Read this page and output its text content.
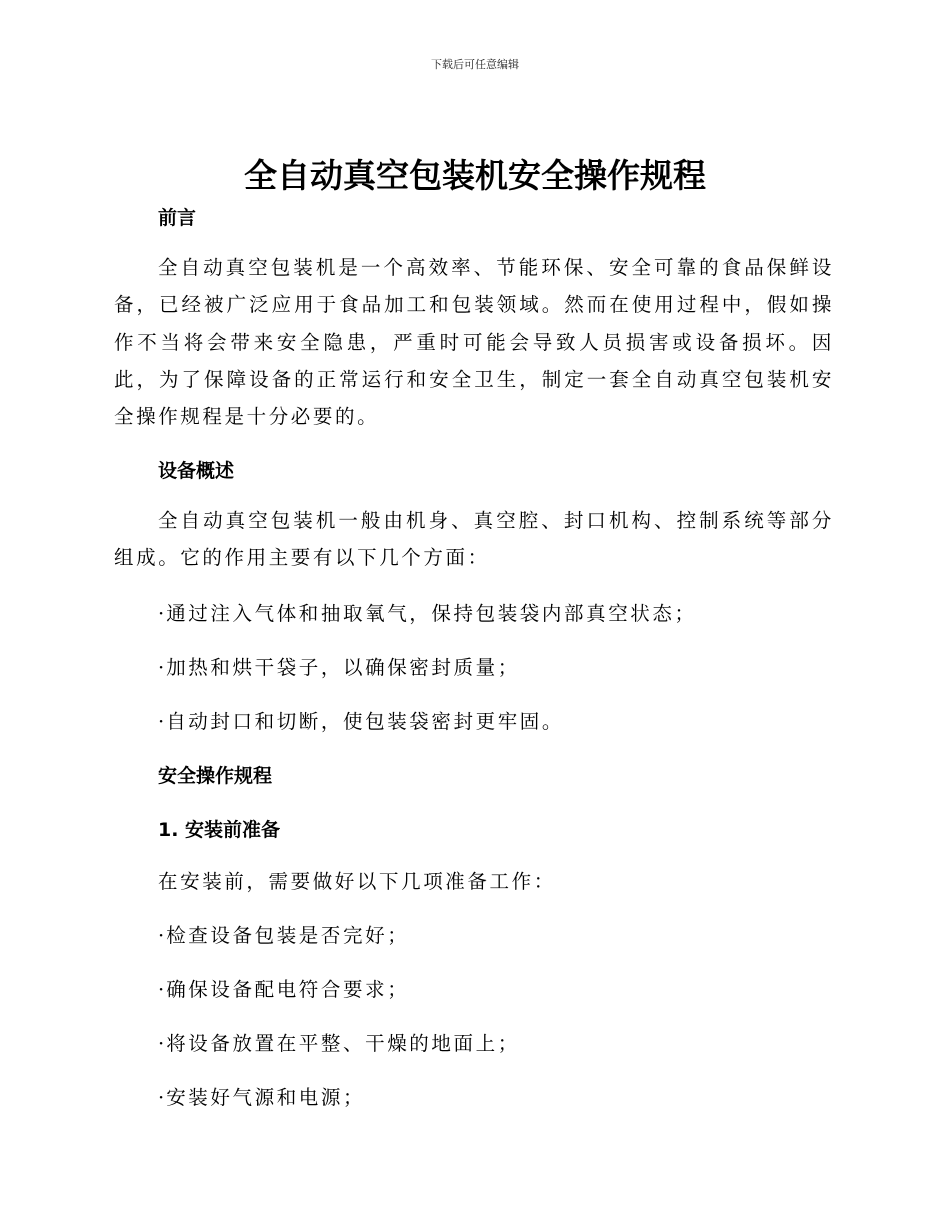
下载后可任意编辑
全自动真空包装机安全操作规程
前言

全自动真空包装机是一个高效率、节能环保、安全可靠的食品保鲜设备，已经被广泛应用于食品加工和包装领域。然而在使用过程中，假如操作不当将会带来安全隐患，严重时可能会导致人员损害或设备损坏。因此，为了保障设备的正常运行和安全卫生，制定一套全自动真空包装机安全操作规程是十分必要的。

设备概述

全自动真空包装机一般由机身、真空腔、封口机构、控制系统等部分组成。它的作用主要有以下几个方面：

· 通过注入气体和抽取氧气，保持包装袋内部真空状态；
· 加热和烘干袋子，以确保密封质量；
· 自动封口和切断，使包装袋密封更牢固。
安全操作规程
1. 安装前准备
在安装前，需要做好以下几项准备工作：
· 检查设备包装是否完好；
· 确保设备配电符合要求；
· 将设备放置在平整、干燥的地面上；
· 安装好气源和电源；
